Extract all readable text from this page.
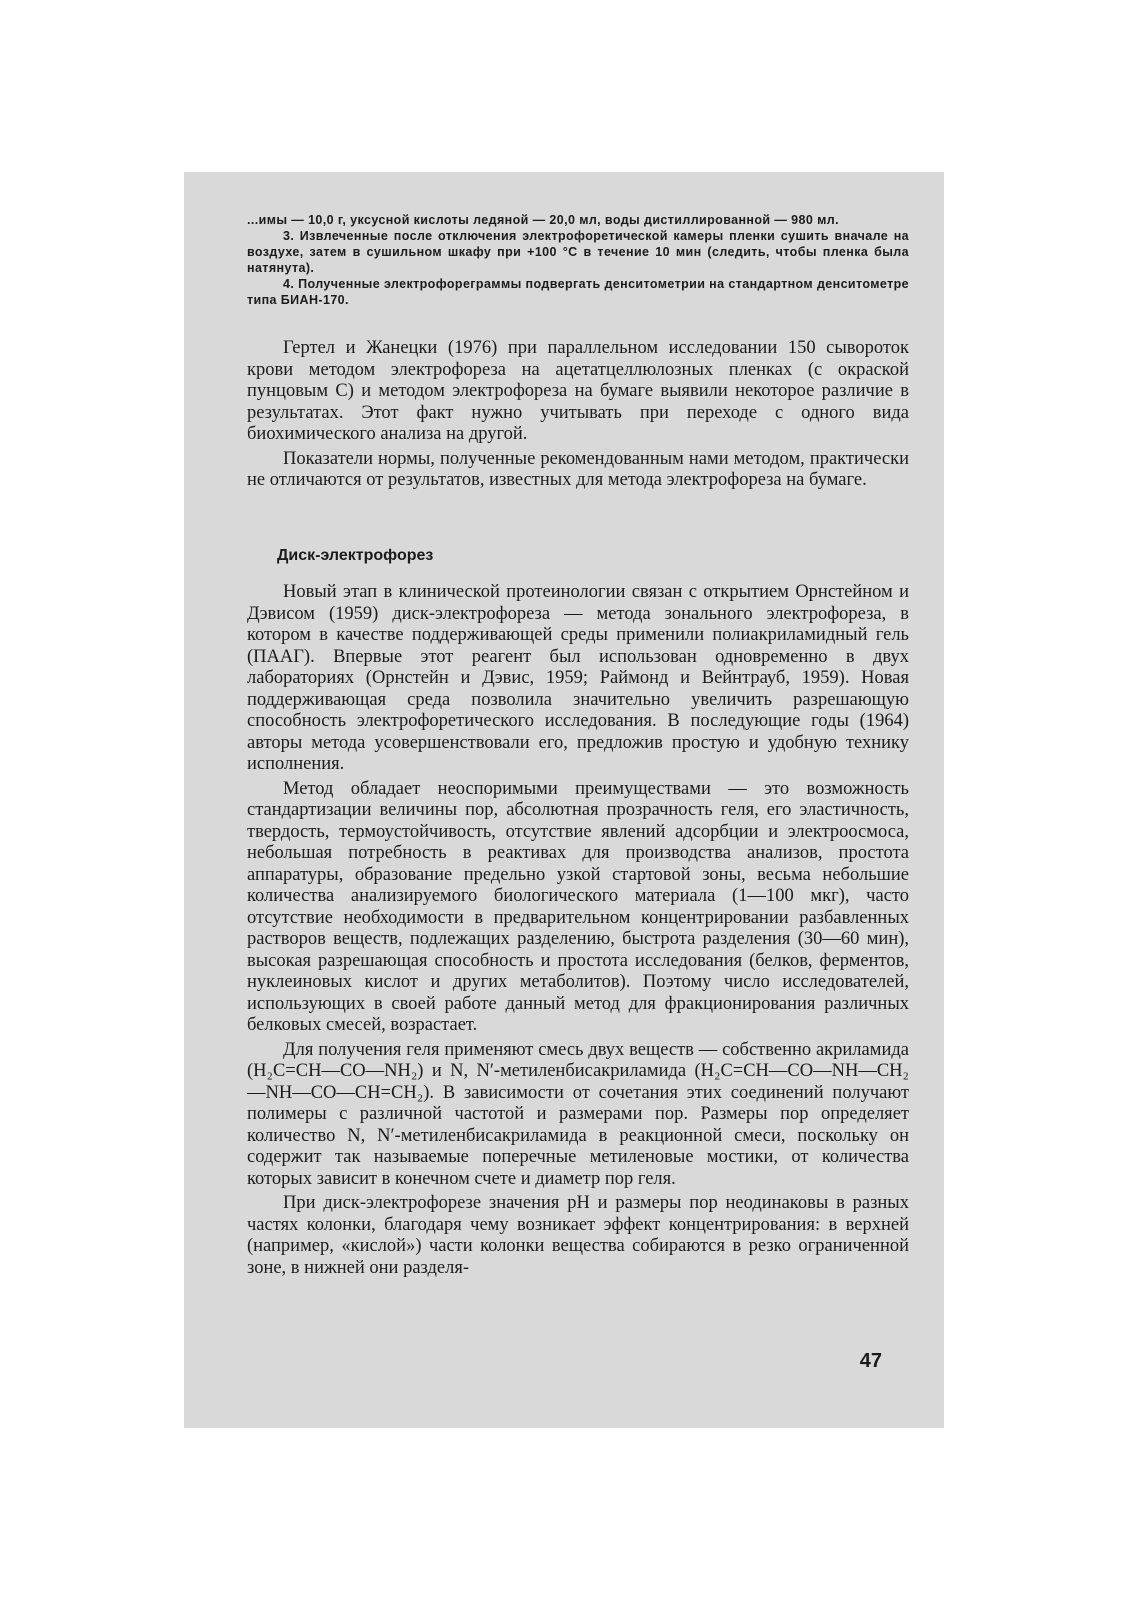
...имы — 10,0 г, уксусной кислоты ледяной — 20,0 мл, воды дистиллированной — 980 мл.

3. Извлеченные после отключения электрофоретической камеры пленки сушить вначале на воздухе, затем в сушильном шкафу при +100 °С в течение 10 мин (следить, чтобы пленка была натянута).

4. Полученные электрофореграммы подвергать денситометрии на стандартном денситометре типа БИАН-170.

Гертел и Жанецки (1976) при параллельном исследовании 150 сывороток крови методом электрофореза на ацетатцеллюлозных пленках (с окраской пунцовым С) и методом электрофореза на бумаге выявили некоторое различие в результатах. Этот факт нужно учитывать при переходе с одного вида биохимического анализа на другой.

Показатели нормы, полученные рекомендованным нами методом, практически не отличаются от результатов, известных для метода электрофореза на бумаге.

Диск-электрофорез

Новый этап в клинической протеинологии связан с открытием Орнстейном и Дэвисом (1959) диск-электрофореза — метода зонального электрофореза, в котором в качестве поддерживающей среды применили полиакриламидный гель (ПААГ). Впервые этот реагент был использован одновременно в двух лабораториях (Орнстейн и Дэвис, 1959; Раймонд и Вейнтрауб, 1959). Новая поддерживающая среда позволила значительно увеличить разрешающую способность электрофоретического исследования. В последующие годы (1964) авторы метода усовершенствовали его, предложив простую и удобную технику исполнения.

Метод обладает неоспоримыми преимуществами — это возможность стандартизации величины пор, абсолютная прозрачность геля, его эластичность, твердость, термоустойчивость, отсутствие явлений адсорбции и электроосмоса, небольшая потребность в реактивах для производства анализов, простота аппаратуры, образование предельно узкой стартовой зоны, весьма небольшие количества анализируемого биологического материала (1—100 мкг), часто отсутствие необходимости в предварительном концентрировании разбавленных растворов веществ, подлежащих разделению, быстрота разделения (30—60 мин), высокая разрешающая способность и простота исследования (белков, ферментов, нуклеиновых кислот и других метаболитов). Поэтому число исследователей, использующих в своей работе данный метод для фракционирования различных белковых смесей, возрастает.

Для получения геля применяют смесь двух веществ — собственно акриламида (H₂C=CH—CO—NH₂) и N, N′-метиленбисакриламида (H₂C=CH—CO—NH—CH₂—NH—CO—CH=CH₂). В зависимости от сочетания этих соединений получают полимеры с различной частотой и размерами пор. Размеры пор определяет количество N, N′-метиленбисакриламида в реакционной смеси, поскольку он содержит так называемые поперечные метиленовые мостики, от количества которых зависит в конечном счете и диаметр пор геля.

При диск-электрофорезе значения рН и размеры пор неодинаковы в разных частях колонки, благодаря чему возникает эффект концентрирования: в верхней (например, «кислой») части колонки вещества собираются в резко ограниченной зоне, в нижней они разделя-

47
